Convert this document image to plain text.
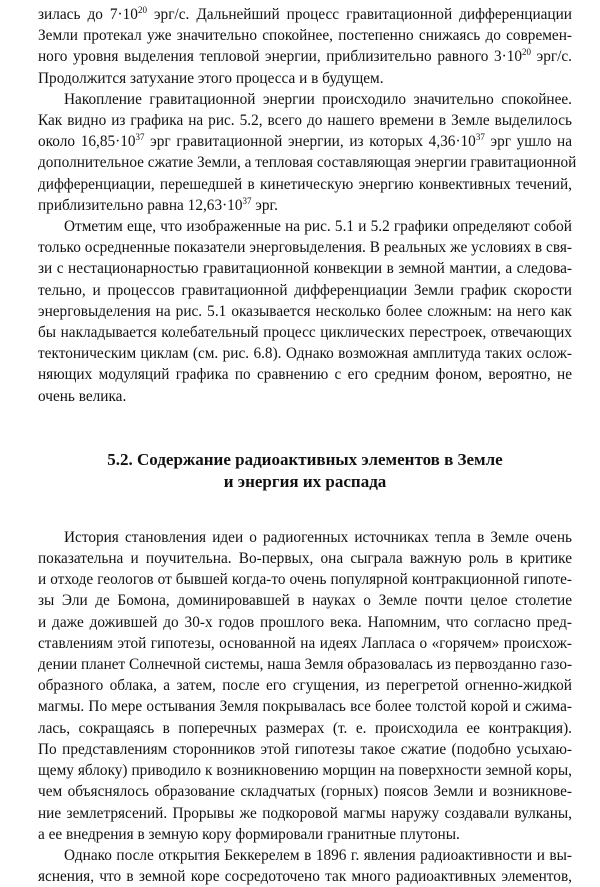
зилась до $7\cdot 10^{20}$ эрг/с. Дальнейший процесс гравитационной дифференциации
Земли протекал уже значительно спокойнее, постепенно снижаясь до современ-
ного уровня выделения тепловой энергии, приблизительно равного $3\cdot 10^{20}$ эрг/с.
Продолжится затухание этого процесса и в будущем.

Накопление гравитационной энергии происходило значительно спокойнее.
Как видно из графика на рис. 5.2, всего до нашего времени в Земле выделилось
около $16,85\cdot 10^{37}$ эрг гравитационной энергии, из которых $4,36\cdot 10^{37}$ эрг ушло на
дополнительное сжатие Земли, а тепловая составляющая энергии гравитационной
дифференциации, перешедшей в кинетическую энергию конвективных течений,
приблизительно равна $12,63\cdot 10^{37}$ эрг.

Отметим еще, что изображенные на рис. 5.1 и 5.2 графики определяют собой
только осредненные показатели энерговыделения. В реальных же условиях в свя-
зи с нестационарностью гравитационной конвекции в земной мантии, а следова-
тельно, и процессов гравитационной дифференциации Земли график скорости
энерговыделения на рис. 5.1 оказывается несколько более сложным: на него как
бы накладывается колебательный процесс циклических перестроек, отвечающих
тектоническим циклам (см. рис. 6.8). Однако возможная амплитуда таких ослож-
няющих модуляций графика по сравнению с его средним фоном, вероятно, не
очень велика.

5.2. Содержание радиоактивных элементов в Земле
и энергия их распада

История становления идеи о радиогенных источниках тепла в Земле очень
показательна и поучительна. Во-первых, она сыграла важную роль в критике
и отходе геологов от бывшей когда-то очень популярной контракционной гипоте-
зы Эли де Бомона, доминировавшей в науках о Земле почти целое столетие
и даже дожившей до 30-х годов прошлого века. Напомним, что согласно пред-
ставлениям этой гипотезы, основанной на идеях Лапласа о «горячем» происхож-
дении планет Солнечной системы, наша Земля образовалась из первозданно газо-
образного облака, а затем, после его сгущения, из перегретой огненно-жидкой
магмы. По мере остывания Земля покрывалась все более толстой корой и сжима-
лась, сокращаясь в поперечных размерах (т. е. происходила ее контракция).
По представлениям сторонников этой гипотезы такое сжатие (подобно усыхаю-
щему яблоку) приводило к возникновению морщин на поверхности земной коры,
чем объяснялось образование складчатых (горных) поясов Земли и возникнове-
ние землетрясений. Прорывы же подкоровой магмы наружу создавали вулканы,
а ее внедрения в земную кору формировали гранитные плутоны.

Однако после открытия Беккерелем в 1896 г. явления радиоактивности и вы-
яснения, что в земной коре сосредоточено так много радиоактивных элементов,
